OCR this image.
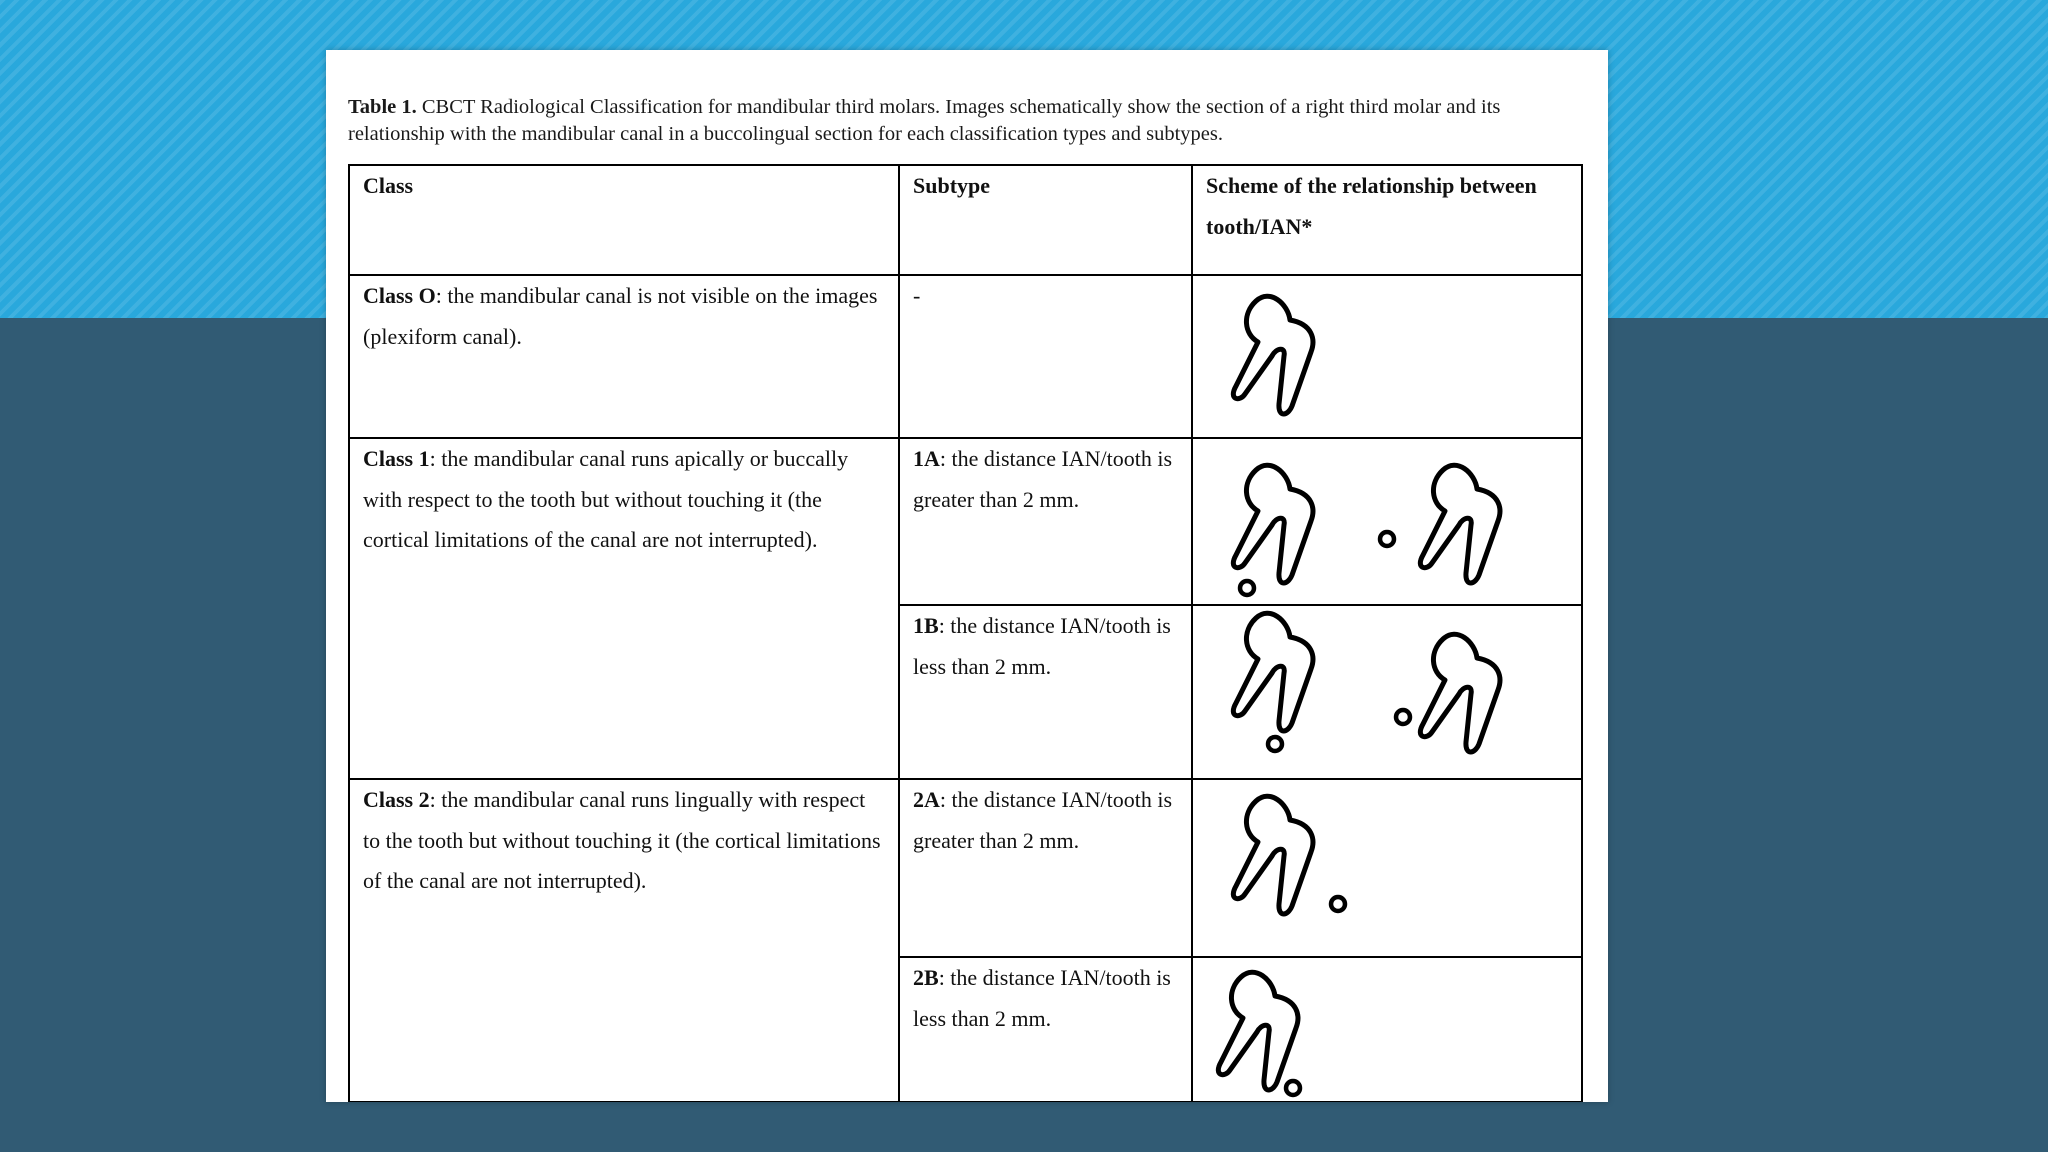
Table 1. CBCT Radiological Classification for mandibular third molars. Images schematically show the section of a right third molar and its relationship with the mandibular canal in a buccolingual section for each classification types and subtypes.
Class	Subtype	Scheme of the relationship between tooth/IAN*
Class O: the mandibular canal is not visible on the images (plexiform canal).	-	

Class 1: the mandibular canal runs apically or buccally with respect to the tooth but without touching it (the cortical limitations of the canal are not interrupted).	1A: the distance IAN/tooth is greater than 2 mm.	

	1B: the distance IAN/tooth is less than 2 mm.	

Class 2: the mandibular canal runs lingually with respect to the tooth but without touching it (the cortical limitations of the canal are not interrupted).	2A: the distance IAN/tooth is greater than 2 mm.	

	2B: the distance IAN/tooth is less than 2 mm.	
